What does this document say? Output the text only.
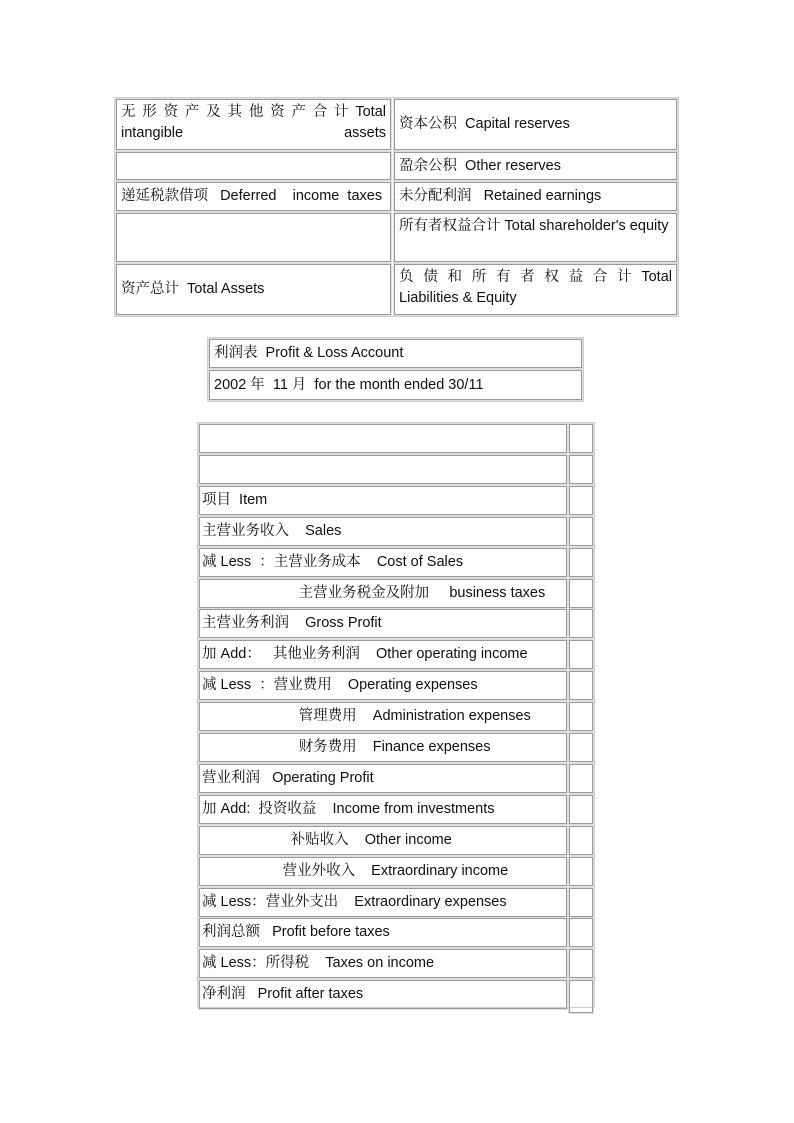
无 形 资 产 及 其 他 资 产 合 计 Total intangible assets
资本公积  Capital reserves

盈余公积  Other reserves
递延税款借项   Deferred    income  taxes 未分配利润   Retained earnings

所有者权益合计 Total shareholder's equity
资产总计  Total Assets
负 债 和 所 有 者 权 益 合 计 Total Liabilities & Equity
利润表  Profit & Loss Account
2002 年  11 月  for the month ended 30/11
项目  Item
主营业务收入    Sales
减 Less  ：主营业务成本    Cost of Sales
主营业务税金及附加     business taxes
主营业务利润    Gross Profit
加 Add：   其他业务利润    Other operating income
减 Less  ：营业费用    Operating expenses
管理费用    Administration expenses
财务费用    Finance expenses
营业利润   Operating Profit
加 Add:  投资收益    Income from investments
补贴收入    Other income
营业外收入    Extraordinary income
减 Less：营业外支出    Extraordinary expenses
利润总额   Profit before taxes
减 Less：所得税    Taxes on income
净利润   Profit after taxes
